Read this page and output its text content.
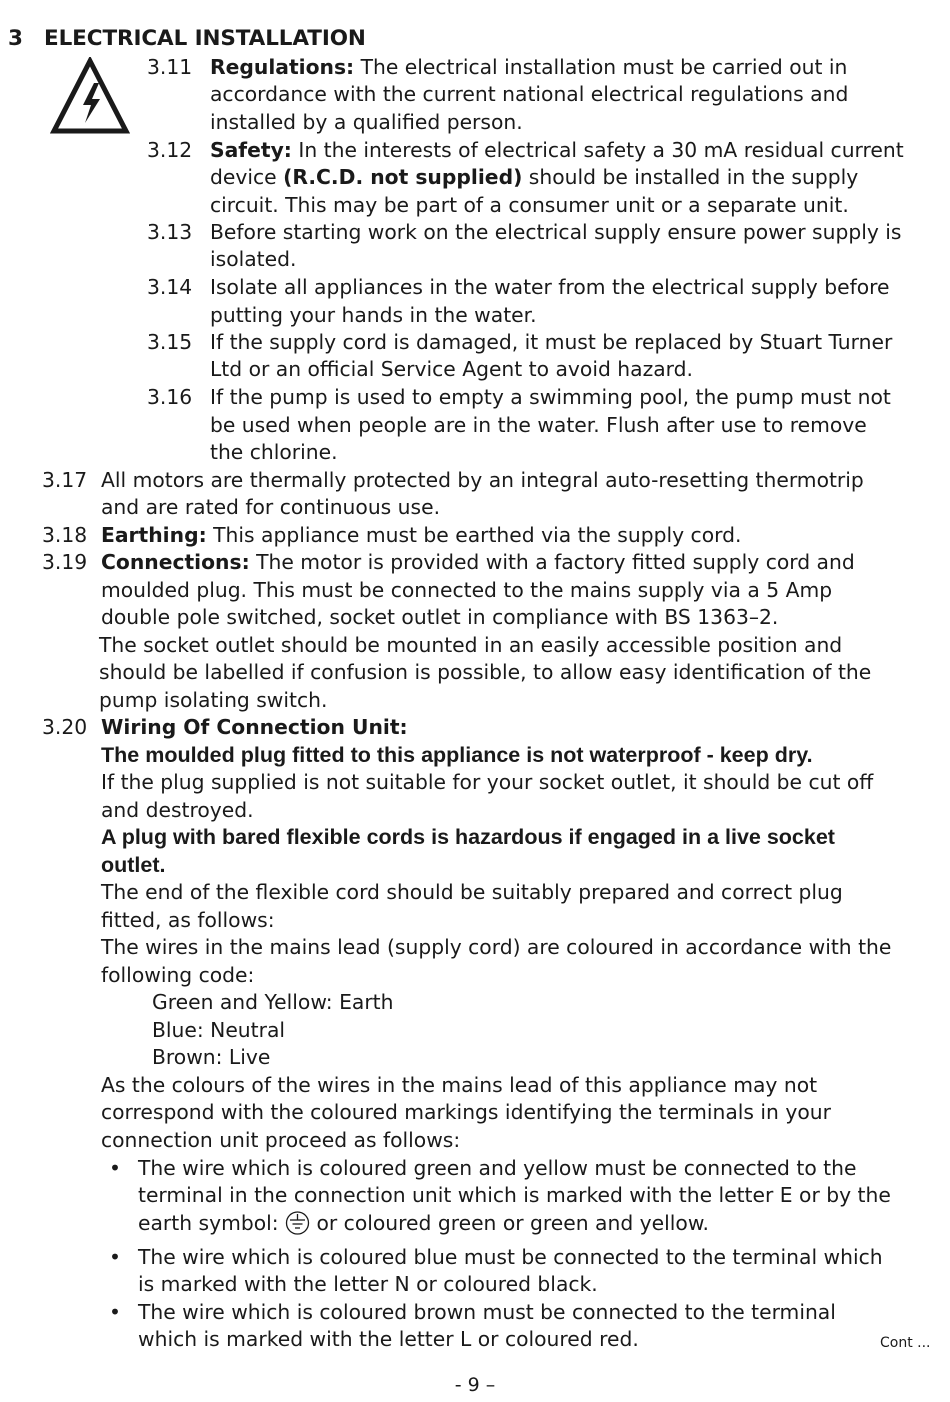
3 ELECTRICAL INSTALLATION
3.11 Regulations: The electrical installation must be carried out in
accordance with the current national electrical regulations and
installed by a qualified person.
3.12 Safety: In the interests of electrical safety a 30 mA residual current
device (R.C.D. not supplied) should be installed in the supply
circuit. This may be part of a consumer unit or a separate unit.
3.13 Before starting work on the electrical supply ensure power supply is
isolated.
3.14 Isolate all appliances in the water from the electrical supply before
putting your hands in the water.
3.15 If the supply cord is damaged, it must be replaced by Stuart Turner
Ltd or an official Service Agent to avoid hazard.
3.16 If the pump is used to empty a swimming pool, the pump must not
be used when people are in the water. Flush after use to remove
the chlorine.
3.17 All motors are thermally protected by an integral auto-resetting thermotrip
and are rated for continuous use.
3.18 Earthing: This appliance must be earthed via the supply cord.
3.19 Connections: The motor is provided with a factory fitted supply cord and
moulded plug. This must be connected to the mains supply via a 5 Amp
double pole switched, socket outlet in compliance with BS 1363–2.
The socket outlet should be mounted in an easily accessible position and
should be labelled if confusion is possible, to allow easy identification of the
pump isolating switch.
3.20 Wiring Of Connection Unit:
The moulded plug fitted to this appliance is not waterproof - keep dry.
If the plug supplied is not suitable for your socket outlet, it should be cut off
and destroyed.
A plug with bared flexible cords is hazardous if engaged in a live socket
outlet.
The end of the flexible cord should be suitably prepared and correct plug
fitted, as follows:
The wires in the mains lead (supply cord) are coloured in accordance with the
following code:
Green and Yellow: Earth
Blue: Neutral
Brown: Live
As the colours of the wires in the mains lead of this appliance may not
correspond with the coloured markings identifying the terminals in your
connection unit proceed as follows:
• The wire which is coloured green and yellow must be connected to the
terminal in the connection unit which is marked with the letter E or by the
earth symbol:  or coloured green or green and yellow.
• The wire which is coloured blue must be connected to the terminal which
is marked with the letter N or coloured black.
• The wire which is coloured brown must be connected to the terminal
which is marked with the letter L or coloured red.	Cont ...
- 9 –
